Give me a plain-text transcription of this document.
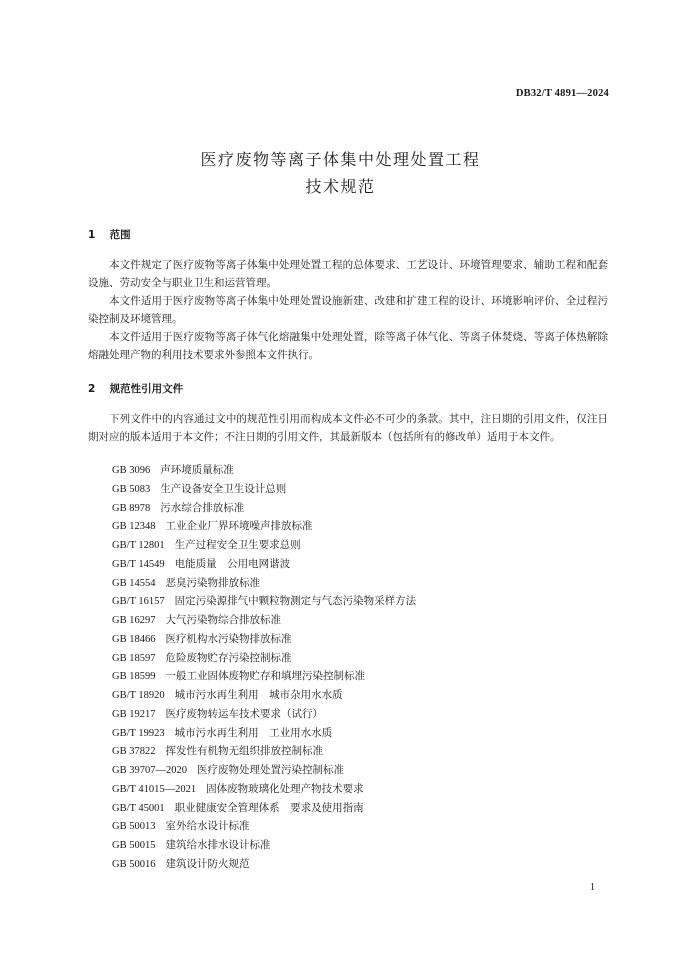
DB32/T 4891—2024
医疗废物等离子体集中处理处置工程
技术规范
1 范围

本文件规定了医疗废物等离子体集中处理处置工程的总体要求、工艺设计、环境管理要求、辅助工程和配套设施、劳动安全与职业卫生和运营管理。

本文件适用于医疗废物等离子体集中处理处置设施新建、改建和扩建工程的设计、环境影响评价、全过程污染控制及环境管理。

本文件适用于医疗废物等离子体气化熔融集中处理处置，除等离子体气化、等离子体焚烧、等离子体热解除熔融处理产物的利用技术要求外参照本文件执行。

2 规范性引用文件

下列文件中的内容通过文中的规范性引用而构成本文件必不可少的条款。其中，注日期的引用文件，仅注日期对应的版本适用于本文件；不注日期的引用文件，其最新版本（包括所有的修改单）适用于本文件。

GB 3096 声环境质量标准
GB 5083 生产设备安全卫生设计总则
GB 8978 污水综合排放标准
GB 12348 工业企业厂界环境噪声排放标准
GB/T 12801 生产过程安全卫生要求总则
GB/T 14549 电能质量　公用电网谐波
GB 14554 恶臭污染物排放标准
GB/T 16157 固定污染源排气中颗粒物测定与气态污染物采样方法
GB 16297 大气污染物综合排放标准
GB 18466 医疗机构水污染物排放标准
GB 18597 危险废物贮存污染控制标准
GB 18599 一般工业固体废物贮存和填埋污染控制标准
GB/T 18920 城市污水再生利用　城市杂用水水质
GB 19217 医疗废物转运车技术要求（试行）
GB/T 19923 城市污水再生利用　工业用水水质
GB 37822 挥发性有机物无组织排放控制标准
GB 39707—2020 医疗废物处理处置污染控制标准
GB/T 41015—2021 固体废物玻璃化处理产物技术要求
GB/T 45001 职业健康安全管理体系　要求及使用指南
GB 50013 室外给水设计标准
GB 50015 建筑给水排水设计标准
GB 50016 建筑设计防火规范
1
